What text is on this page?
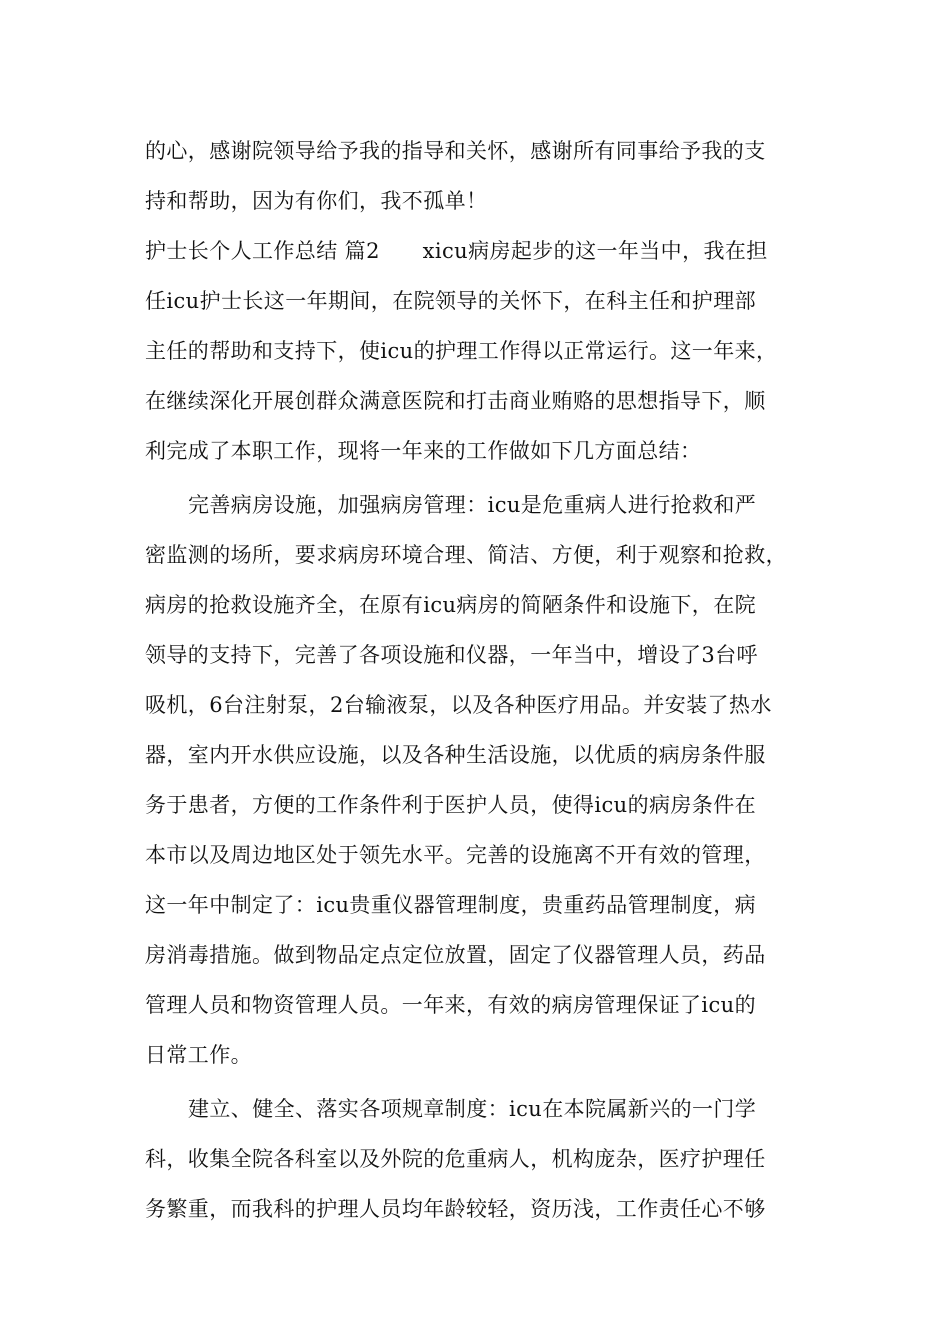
的心，感谢院领导给予我的指导和关怀，感谢所有同事给予我的支
持和帮助，因为有你们，我不孤单！
护士长个人工作总结 篇2　　xicu病房起步的这一年当中，我在担
任icu护士长这一年期间，在院领导的关怀下，在科主任和护理部
主任的帮助和支持下，使icu的护理工作得以正常运行。这一年来，
在继续深化开展创群众满意医院和打击商业贿赂的思想指导下，顺
利完成了本职工作，现将一年来的工作做如下几方面总结：
完善病房设施，加强病房管理：icu是危重病人进行抢救和严
密监测的场所，要求病房环境合理、简洁、方便，利于观察和抢救，
病房的抢救设施齐全，在原有icu病房的简陋条件和设施下，在院
领导的支持下，完善了各项设施和仪器，一年当中，增设了3台呼
吸机，6台注射泵，2台输液泵，以及各种医疗用品。并安装了热水
器，室内开水供应设施，以及各种生活设施，以优质的病房条件服
务于患者，方便的工作条件利于医护人员，使得icu的病房条件在
本市以及周边地区处于领先水平。完善的设施离不开有效的管理，
这一年中制定了：icu贵重仪器管理制度，贵重药品管理制度，病
房消毒措施。做到物品定点定位放置，固定了仪器管理人员，药品
管理人员和物资管理人员。一年来，有效的病房管理保证了icu的
日常工作。
建立、健全、落实各项规章制度：icu在本院属新兴的一门学
科，收集全院各科室以及外院的危重病人，机构庞杂，医疗护理任
务繁重，而我科的护理人员均年龄较轻，资历浅，工作责任心不够
